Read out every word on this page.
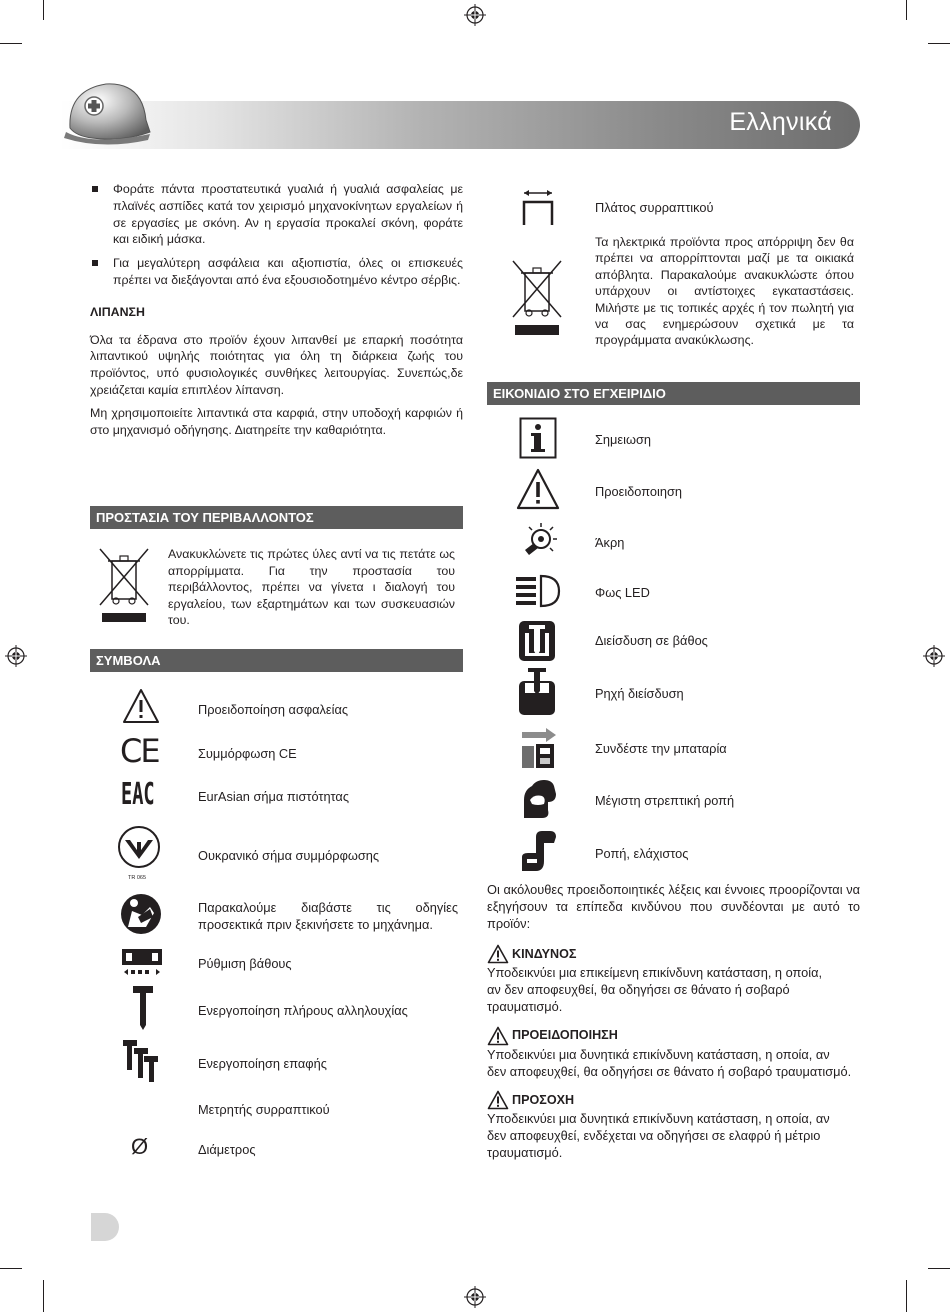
Ελληνικά
Φοράτε πάντα προστατευτικά γυαλιά ή γυαλιά ασφαλείας με πλαϊνές ασπίδες κατά τον χειρισμό μηχανοκίνητων εργαλείων ή σε εργασίες με σκόνη. Αν η εργασία προκαλεί σκόνη, φοράτε και ειδική μάσκα.
Για μεγαλύτερη ασφάλεια και αξιοπιστία, όλες οι επισκευές πρέπει να διεξάγονται από ένα εξουσιοδοτημένο κέντρο σέρβις.
ΛΙΠΑΝΣΗ
Όλα τα έδρανα στο προϊόν έχουν λιπανθεί με επαρκή ποσότητα λιπαντικού υψηλής ποιότητας για όλη τη διάρκεια ζωής του προϊόντος, υπό φυσιολογικές συνθήκες λειτουργίας. Συνεπώς,δε χρειάζεται καμία επιπλέον λίπανση.
Μη χρησιμοποιείτε λιπαντικά στα καρφιά, στην υποδοχή καρφιών ή στο μηχανισμό οδήγησης. Διατηρείτε την καθαριότητα.
ΠΡΟΣΤΑΣΙΑ ΤΟΥ ΠΕΡΙΒΑΛΛΟΝΤΟΣ
Ανακυκλώνετε τις πρώτες ύλες αντί να τις πετάτε ως απορρίμματα. Για την προστασία του περιβάλλοντος, πρέπει να γίνετα ι διαλογή του εργαλείου, των εξαρτημάτων και των συσκευασιών του.
ΣΥΜΒΟΛΑ
Προειδοποίηση ασφαλείας
CE	Συμμόρφωση CE
EAC	EurAsian σήμα πιστότητας
TR 065
Ουκρανικό σήμα συμμόρφωσης
Παρακαλούμε διαβάστε τις οδηγίες προσεκτικά πριν ξεκινήσετε το μηχάνημα.
Ρύθμιση βάθους
Ενεργοποίηση πλήρους αλληλουχίας
Ενεργοποίηση επαφής
Μετρητής συρραπτικού
Ø	Διάμετρος
Πλάτος συρραπτικού
Τα ηλεκτρικά προϊόντα προς απόρριψη δεν θα πρέπει να απορρίπτονται μαζί με τα οικιακά απόβλητα. Παρακαλούμε ανακυκλώστε όπου υπάρχουν οι αντίστοιχες εγκαταστάσεις. Μιλήστε με τις τοπικές αρχές ή τον πωλητή για να σας ενημερώσουν σχετικά με τα προγράμματα ανακύκλωσης.
ΕΙΚΟΝΙΔΙΟ ΣΤΟ ΕΓΧΕΙΡΙΔΙΟ
Σημειωση
Προειδοποιηση
Άκρη
Φως LED
Διείσδυση σε βάθος
Ρηχή διείσδυση
Συνδέστε την μπαταρία
Μέγιστη στρεπτική ροπή
Ροπή, ελάχιστος
Οι ακόλουθες προειδοποιητικές λέξεις και έννοιες προορίζονται να εξηγήσουν τα επίπεδα κινδύνου που συνδέονται με αυτό το προϊόν:
ΚΙΝΔΥΝΟΣ
Υποδεικνύει μια επικείμενη επικίνδυνη κατάσταση, η οποία, αν δεν αποφευχθεί, θα οδηγήσει σε θάνατο ή σοβαρό τραυματισμό.
ΠΡΟΕΙΔΟΠΟΙΗΣΗ
Υποδεικνύει μια δυνητικά επικίνδυνη κατάσταση, η οποία, αν δεν αποφευχθεί, θα οδηγήσει σε θάνατο ή σοβαρό τραυματισμό.
ΠΡΟΣΟΧΗ
Υποδεικνύει μια δυνητικά επικίνδυνη κατάσταση, η οποία, αν δεν αποφευχθεί, ενδέχεται να οδηγήσει σε ελαφρύ ή μέτριο τραυματισμό.
